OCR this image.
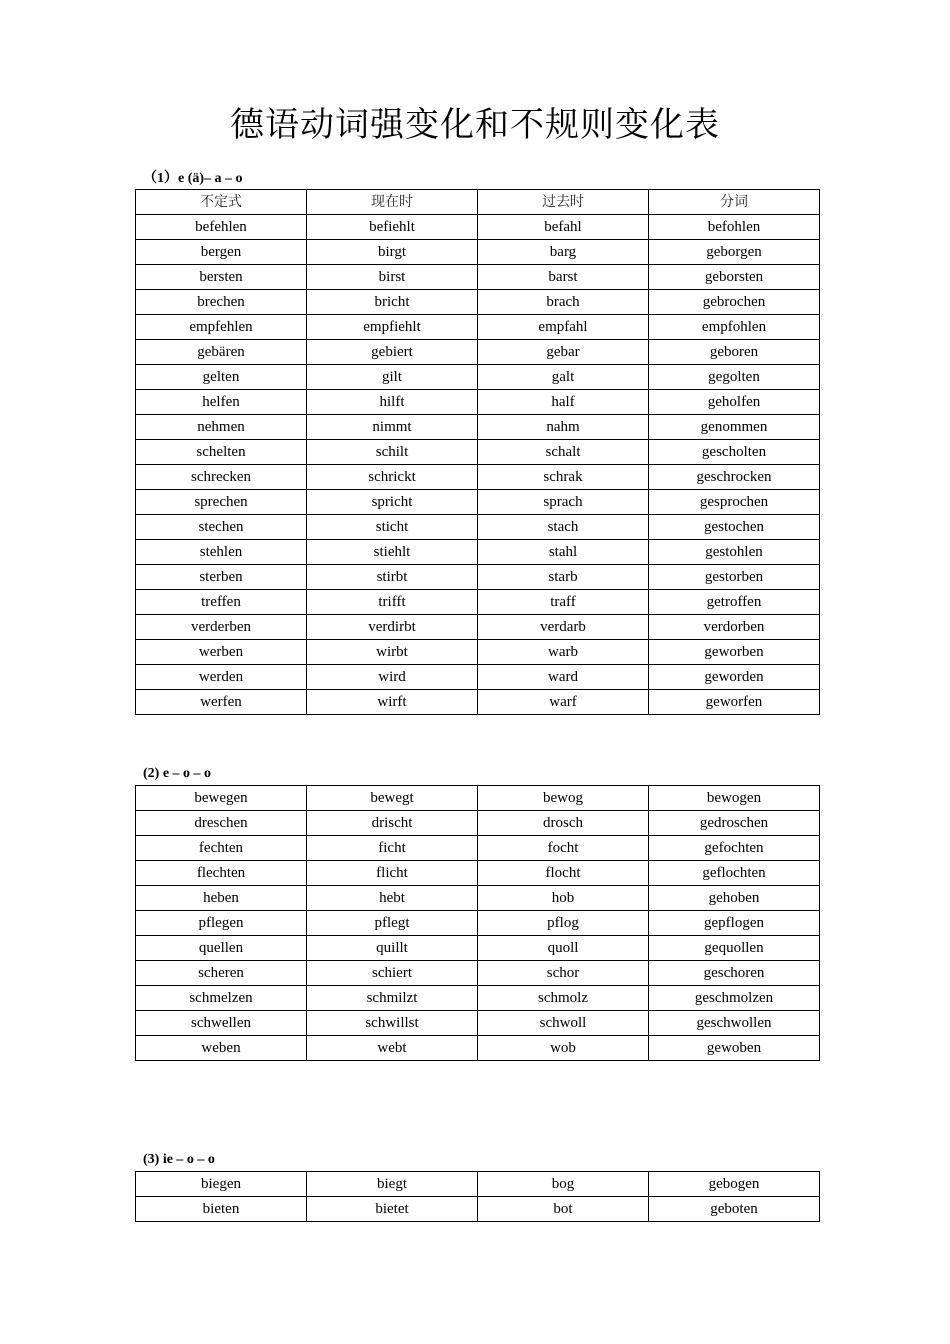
德语动词强变化和不规则变化表
（1）e (ä)– a – o
不定式	现在时	过去时	分词
befehlen	befiehlt	befahl	befohlen
bergen	birgt	barg	geborgen
bersten	birst	barst	geborsten
brechen	bricht	brach	gebrochen
empfehlen	empfiehlt	empfahl	empfohlen
gebären	gebiert	gebar	geboren
gelten	gilt	galt	gegolten
helfen	hilft	half	geholfen
nehmen	nimmt	nahm	genommen
schelten	schilt	schalt	gescholten
schrecken	schrickt	schrak	geschrocken
sprechen	spricht	sprach	gesprochen
stechen	sticht	stach	gestochen
stehlen	stiehlt	stahl	gestohlen
sterben	stirbt	starb	gestorben
treffen	trifft	traff	getroffen
verderben	verdirbt	verdarb	verdorben
werben	wirbt	warb	geworben
werden	wird	ward	geworden
werfen	wirft	warf	geworfen
(2) e – o – o
bewegen	bewegt	bewog	bewogen
dreschen	drischt	drosch	gedroschen
fechten	ficht	focht	gefochten
flechten	flicht	flocht	geflochten
heben	hebt	hob	gehoben
pflegen	pflegt	pflog	gepflogen
quellen	quillt	quoll	gequollen
scheren	schiert	schor	geschoren
schmelzen	schmilzt	schmolz	geschmolzen
schwellen	schwillst	schwoll	geschwollen
weben	webt	wob	gewoben
(3) ie – o – o
biegen	biegt	bog	gebogen
bieten	bietet	bot	geboten
